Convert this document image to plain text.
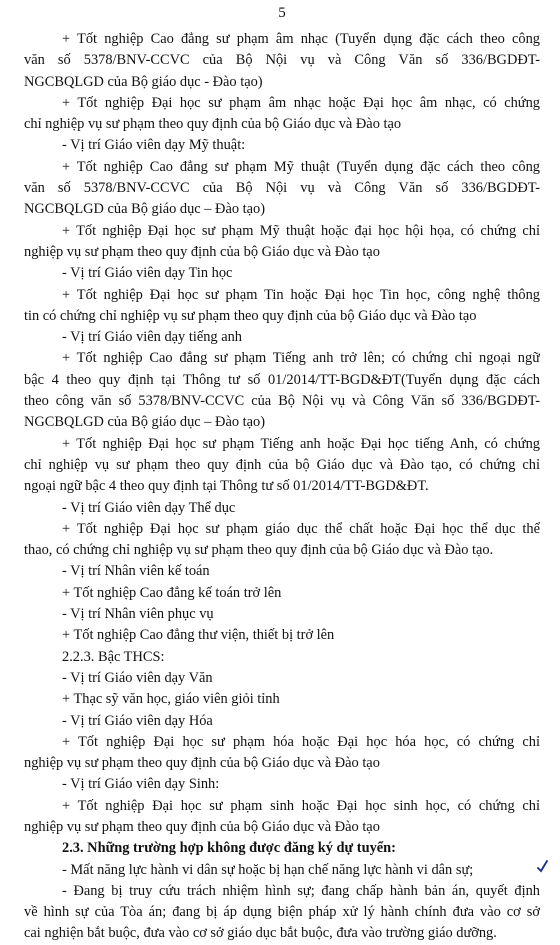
5
+ Tốt nghiệp Cao đẳng sư phạm âm nhạc (Tuyển dụng đặc cách theo công
văn số 5378/BNV-CCVC của Bộ Nội vụ và Công Văn số 336/BGDĐT-
NGCBQLGD của Bộ giáo dục - Đào tạo)
+ Tốt nghiệp Đại học sư phạm âm nhạc hoặc Đại học âm nhạc, có chứng
chỉ nghiệp vụ sư phạm theo quy định của bộ Giáo dục và Đào tạo
- Vị trí Giáo viên dạy Mỹ thuật:
+ Tốt nghiệp Cao đẳng sư phạm Mỹ thuật (Tuyển dụng đặc cách theo công
văn số 5378/BNV-CCVC của Bộ Nội vụ và Công Văn số 336/BGDĐT-
NGCBQLGD của Bộ giáo dục – Đào tạo)
+ Tốt nghiệp Đại học sư phạm Mỹ thuật hoặc đại học hội họa, có chứng chỉ
nghiệp vụ sư phạm theo quy định của bộ Giáo dục và Đào tạo
- Vị trí Giáo viên dạy Tin học
+ Tốt nghiệp Đại học sư phạm Tin hoặc Đại học Tin học, công nghệ thông
tin có chứng chỉ nghiệp vụ sư phạm theo quy định của bộ Giáo dục và Đào tạo
- Vị trí Giáo viên dạy tiếng anh
+ Tốt nghiệp Cao đẳng sư phạm Tiếng anh trở lên; có chứng chỉ ngoại ngữ
bậc 4 theo quy định tại Thông tư số 01/2014/TT-BGD&ĐT(Tuyển dụng đặc cách
theo công văn số 5378/BNV-CCVC của Bộ Nội vụ và Công Văn số 336/BGDĐT-
NGCBQLGD của Bộ giáo dục – Đào tạo)
+ Tốt nghiệp Đại học sư phạm Tiếng anh hoặc Đại học tiếng Anh, có chứng
chỉ nghiệp vụ sư phạm theo quy định của bộ Giáo dục và Đào tạo, có chứng chỉ
ngoại ngữ bậc 4 theo quy định tại Thông tư số 01/2014/TT-BGD&ĐT.
- Vị trí Giáo viên dạy Thể dục
+ Tốt nghiệp Đại học sư phạm giáo dục thể chất hoặc Đại học thể dục thể
thao, có chứng chỉ nghiệp vụ sư phạm theo quy định của bộ Giáo dục và Đào tạo.
- Vị trí Nhân viên kế toán
+ Tốt nghiệp Cao đẳng kế toán trở lên
- Vị trí Nhân viên phục vụ
+ Tốt nghiệp Cao đẳng thư viện, thiết bị trở lên
2.2.3. Bậc THCS:
- Vị trí Giáo viên dạy Văn
+ Thạc sỹ văn học, giáo viên giỏi tỉnh
- Vị trí Giáo viên dạy Hóa
+ Tốt nghiệp Đại học sư phạm hóa hoặc Đại học hóa học, có chứng chỉ
nghiệp vụ sư phạm theo quy định của bộ Giáo dục và Đào tạo
- Vị trí Giáo viên dạy Sinh:
+ Tốt nghiệp Đại học sư phạm sinh hoặc Đại học sinh học, có chứng chỉ
nghiệp vụ sư phạm theo quy định của bộ Giáo dục và Đào tạo
2.3. Những trường hợp không được đăng ký dự tuyển:
- Mất năng lực hành vi dân sự hoặc bị hạn chế năng lực hành vi dân sự;
- Đang bị truy cứu trách nhiệm hình sự; đang chấp hành bản án, quyết định
về hình sự của Tòa án; đang bị áp dụng biện pháp xử lý hành chính đưa vào cơ sở
cai nghiện bắt buộc, đưa vào cơ sở giáo dục bắt buộc, đưa vào trường giáo dưỡng.
